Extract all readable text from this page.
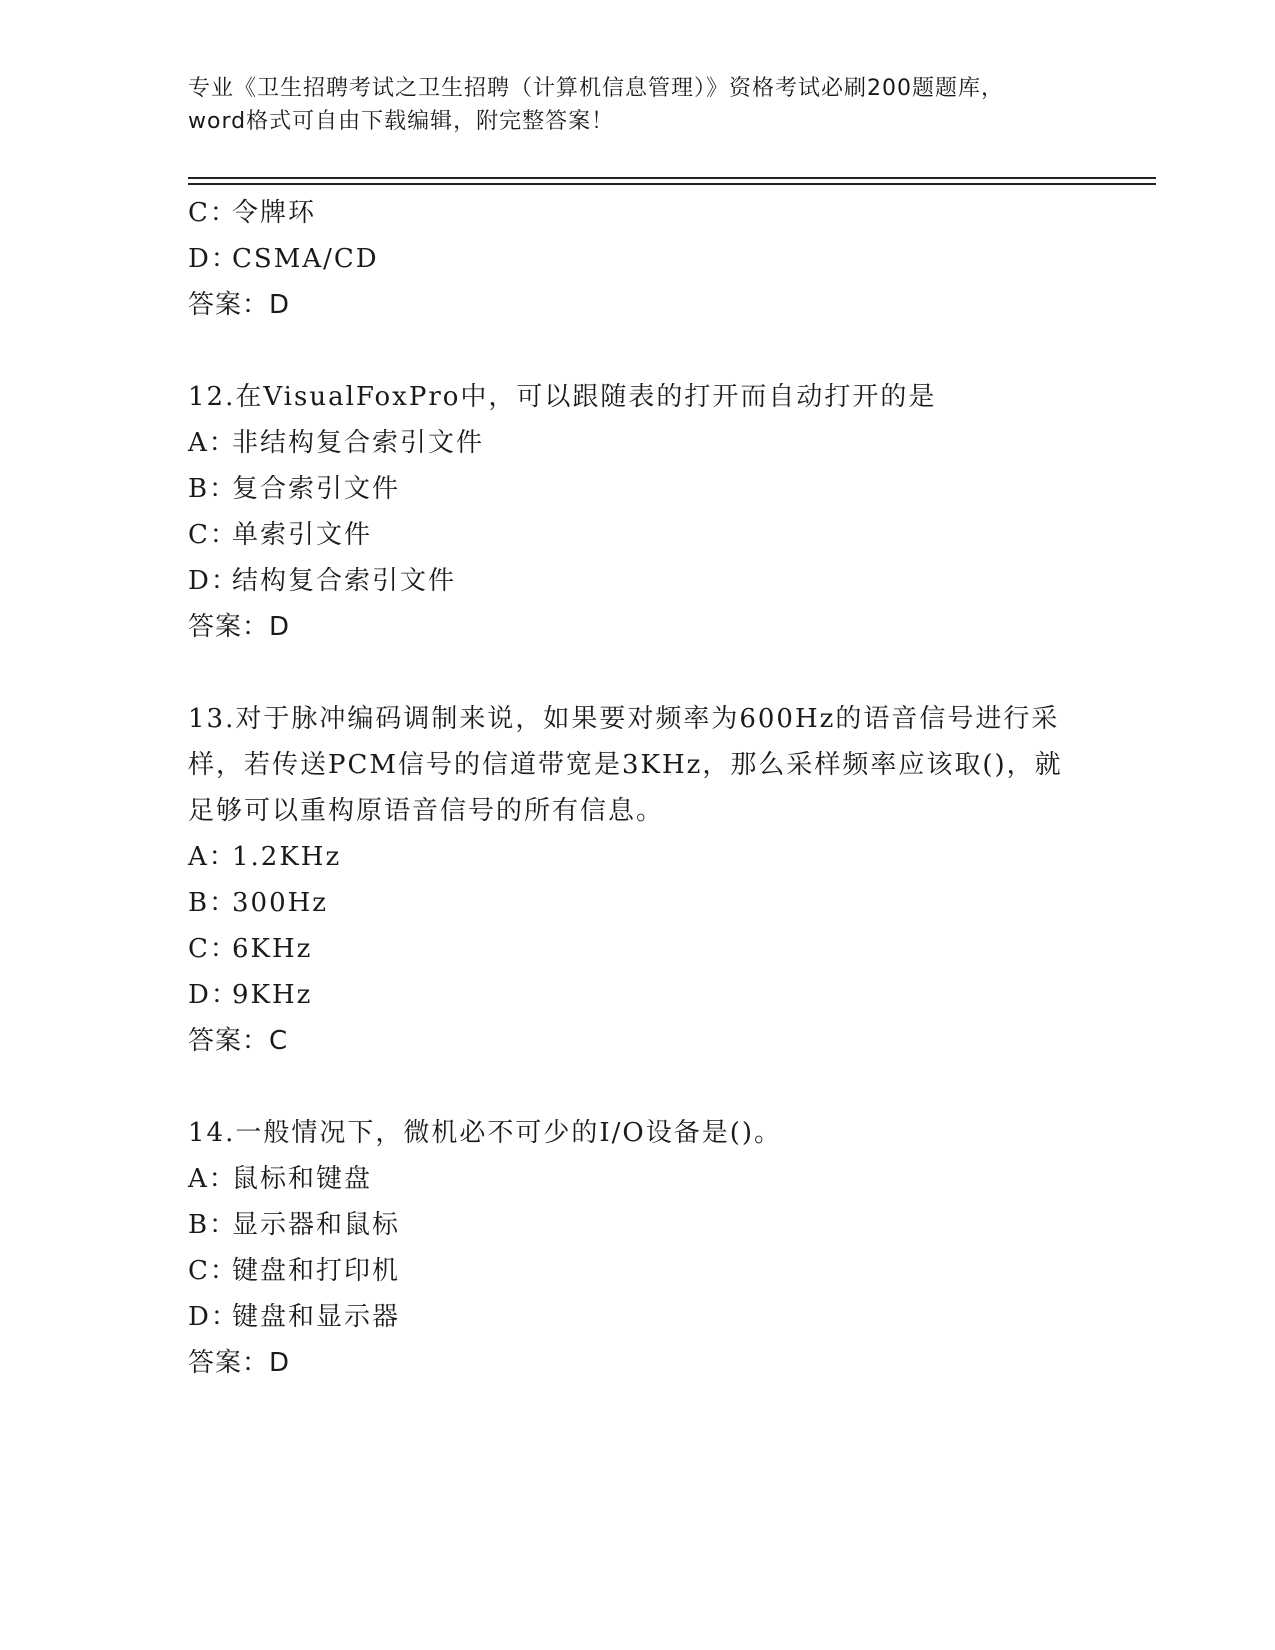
专业《卫生招聘考试之卫生招聘（计算机信息管理）》资格考试必刷200题题库，
word格式可自由下载编辑，附完整答案！
C：令牌环
D：CSMA/CD
答案：D
12.在VisualFoxPro中，可以跟随表的打开而自动打开的是
A：非结构复合索引文件
B：复合索引文件
C：单索引文件
D：结构复合索引文件
答案：D
13.对于脉冲编码调制来说，如果要对频率为600Hz的语音信号进行采
样，若传送PCM信号的信道带宽是3KHz，那么采样频率应该取()，就
足够可以重构原语音信号的所有信息。
A：1.2KHz
B：300Hz
C：6KHz
D：9KHz
答案：C
14.一般情况下，微机必不可少的I/O设备是()。
A：鼠标和键盘
B：显示器和鼠标
C：键盘和打印机
D：键盘和显示器
答案：D
